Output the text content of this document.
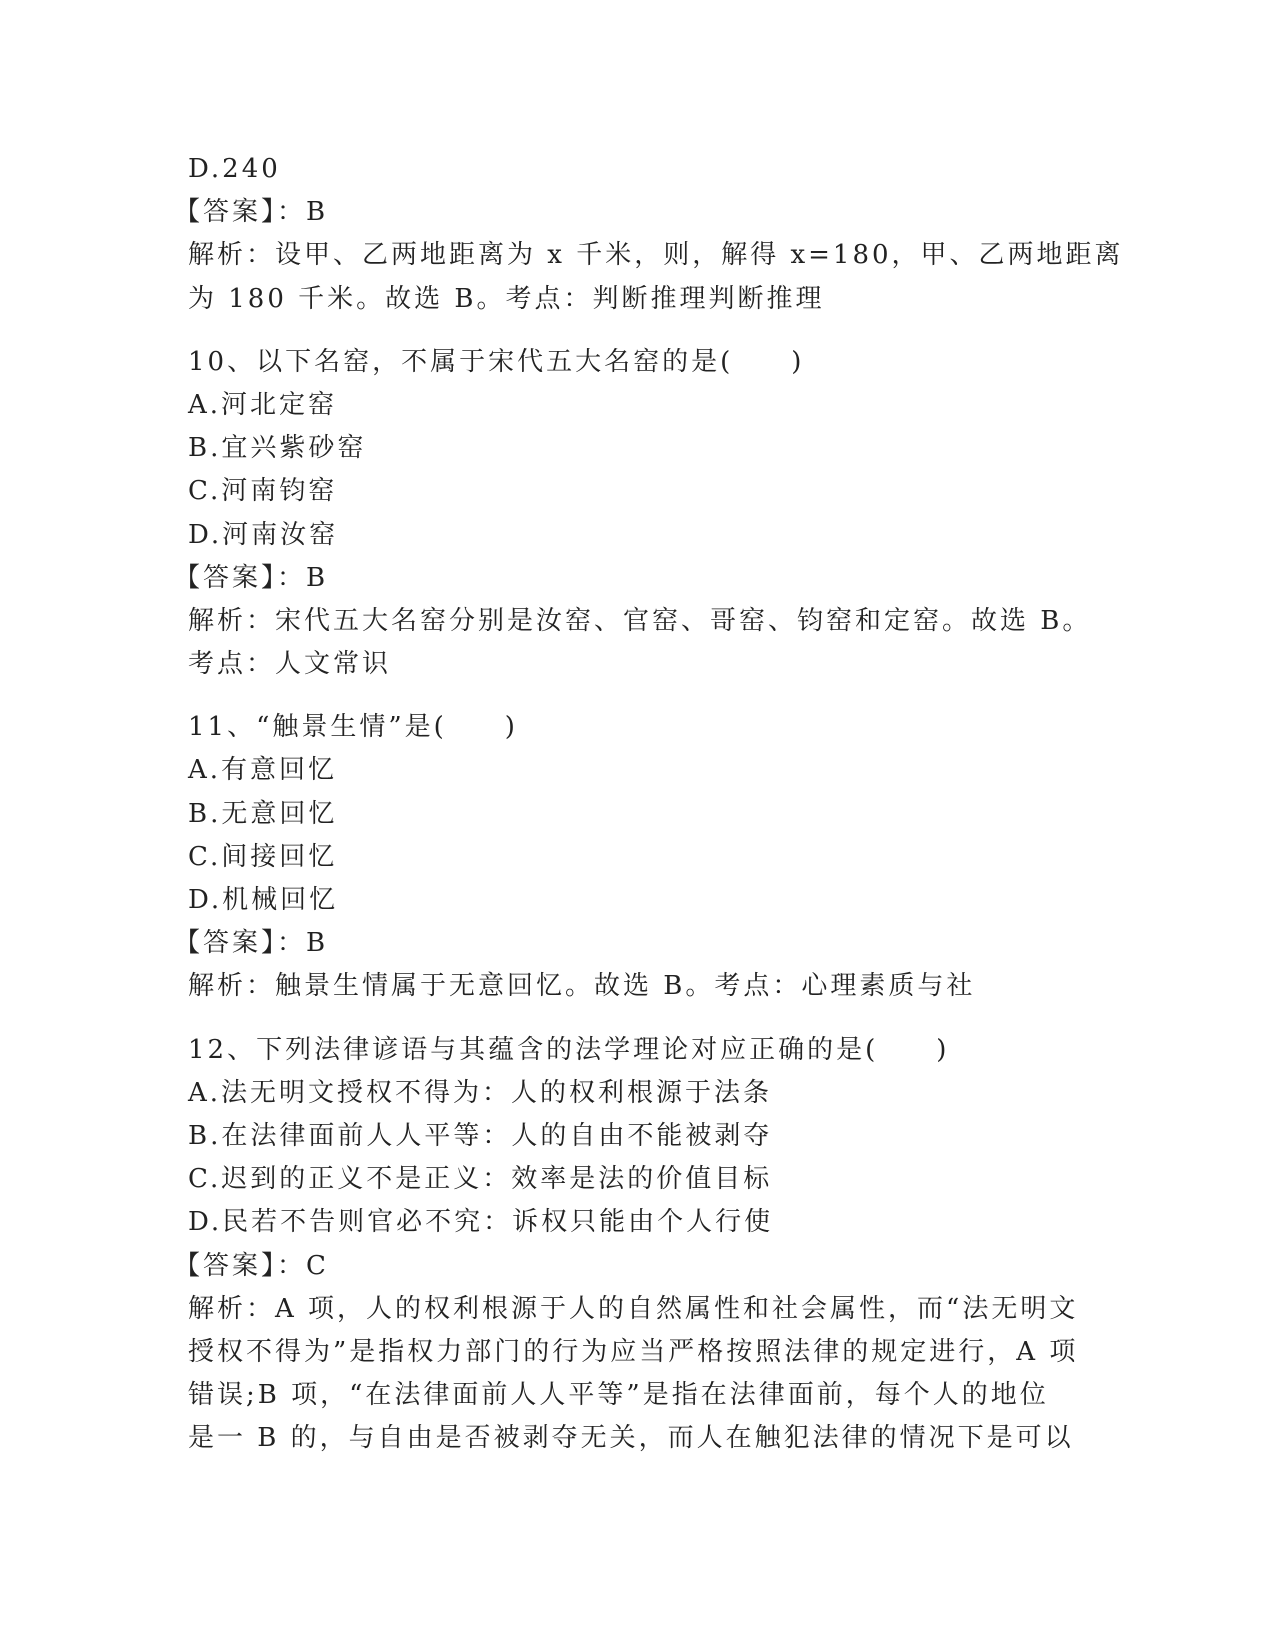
D.240
【答案】：B
解析：设甲、乙两地距离为 x 千米，则，解得 x=180，甲、乙两地距离
为 180 千米。故选 B。考点：判断推理判断推理
10、以下名窑，不属于宋代五大名窑的是(　　)
A.河北定窑
B.宜兴紫砂窑
C.河南钧窑
D.河南汝窑
【答案】：B
解析：宋代五大名窑分别是汝窑、官窑、哥窑、钧窑和定窑。故选 B。
考点：人文常识
11、“触景生情”是(　　)
A.有意回忆
B.无意回忆
C.间接回忆
D.机械回忆
【答案】：B
解析：触景生情属于无意回忆。故选 B。考点：心理素质与社
12、下列法律谚语与其蕴含的法学理论对应正确的是(　　)
A.法无明文授权不得为：人的权利根源于法条
B.在法律面前人人平等：人的自由不能被剥夺
C.迟到的正义不是正义：效率是法的价值目标
D.民若不告则官必不究：诉权只能由个人行使
【答案】：C
解析：A 项，人的权利根源于人的自然属性和社会属性，而“法无明文
授权不得为”是指权力部门的行为应当严格按照法律的规定进行，A 项
错误;B 项，“在法律面前人人平等”是指在法律面前，每个人的地位
是一 B 的，与自由是否被剥夺无关，而人在触犯法律的情况下是可以
